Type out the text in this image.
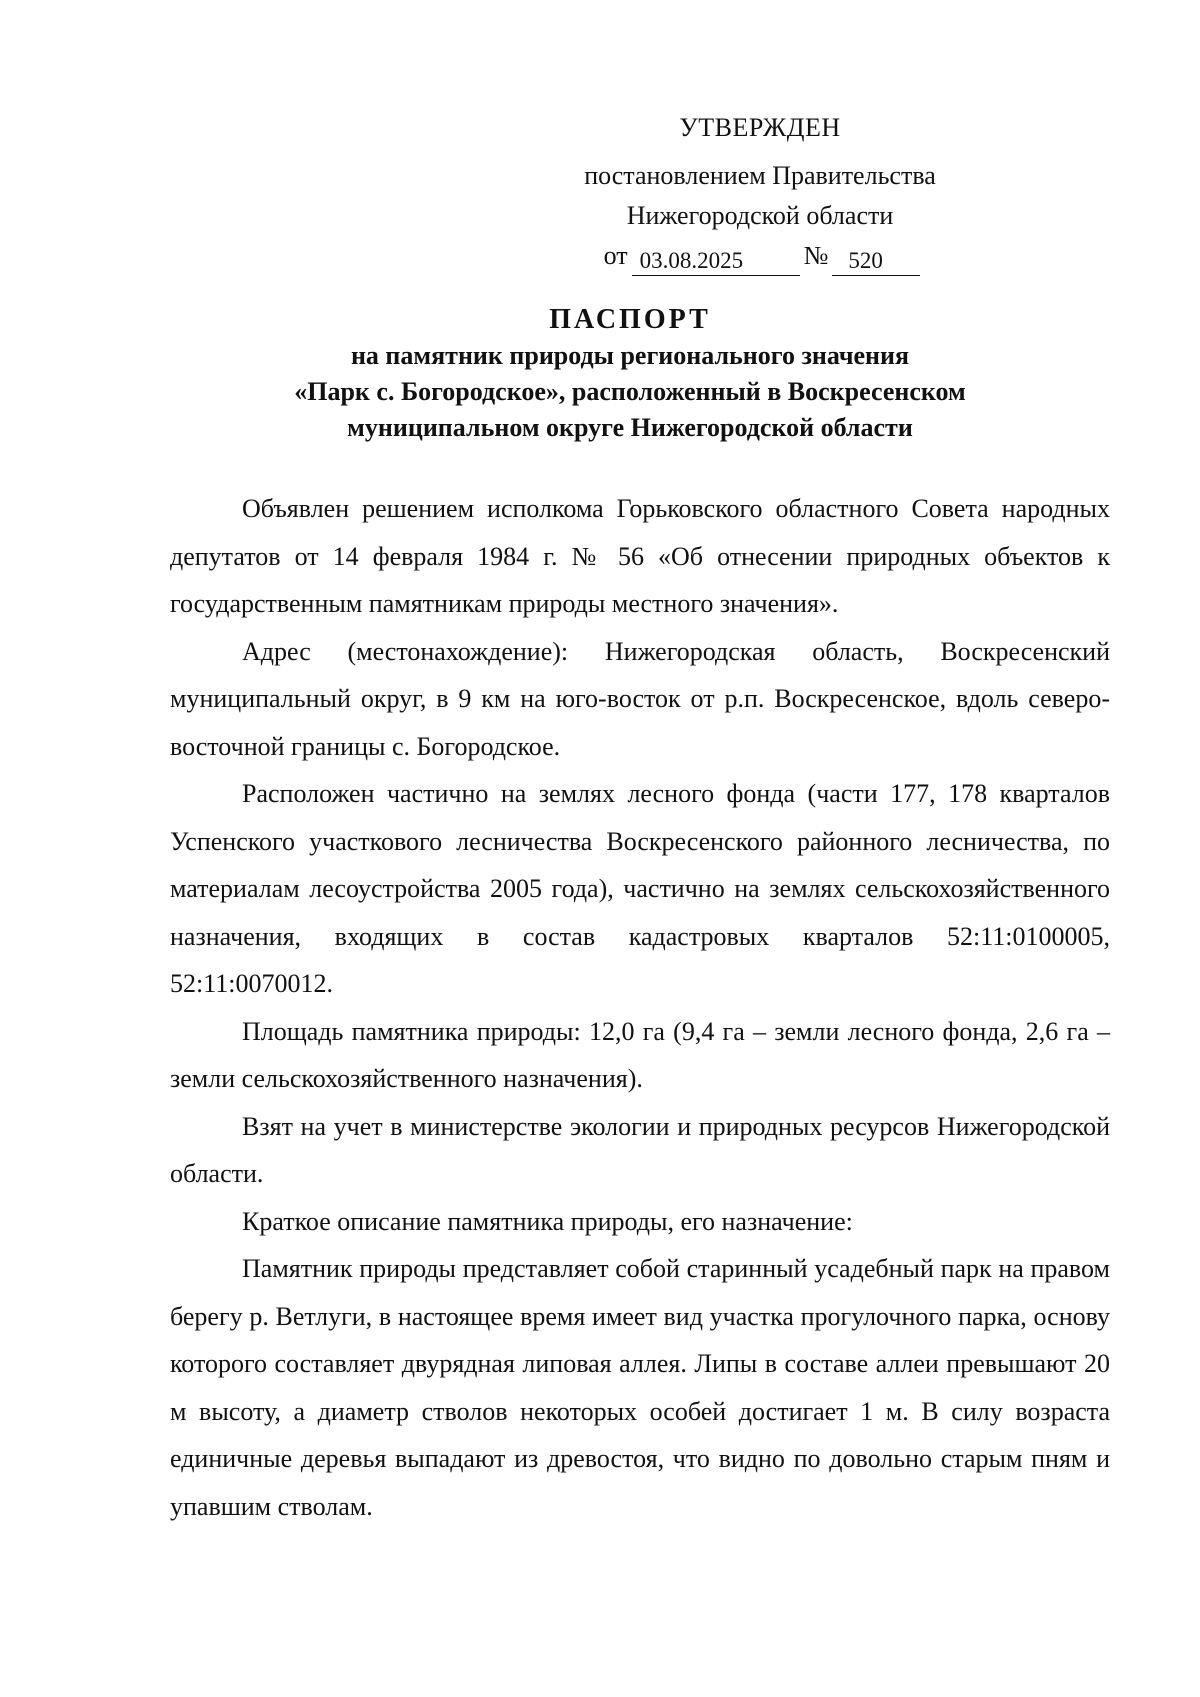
УТВЕРЖДЕН
постановлением Правительства
Нижегородской области
от 03.08.2025	№ 520
ПАСПОРТ
на памятник природы регионального значения
«Парк с. Богородское», расположенный в Воскресенском
муниципальном округе Нижегородской области

Объявлен решением исполкома Горьковского областного Совета народных депутатов от 14 февраля 1984 г. № 56 «Об отнесении природных объектов к государственным памятникам природы местного значения».

Адрес (местонахождение): Нижегородская область, Воскресенский муниципальный округ, в 9 км на юго-восток от р.п. Воскресенское, вдоль северо-восточной границы с. Богородское.

Расположен частично на землях лесного фонда (части 177, 178 кварталов Успенского участкового лесничества Воскресенского районного лесничества, по материалам лесоустройства 2005 года), частично на землях сельскохозяйственного назначения, входящих в состав кадастровых кварталов 52:11:0100005, 52:11:0070012.

Площадь памятника природы: 12,0 га (9,4 га – земли лесного фонда, 2,6 га – земли сельскохозяйственного назначения).

Взят на учет в министерстве экологии и природных ресурсов Нижегородской области.

Краткое описание памятника природы, его назначение:

Памятник природы представляет собой старинный усадебный парк на правом берегу р. Ветлуги, в настоящее время имеет вид участка прогулочного парка, основу которого составляет двурядная липовая аллея. Липы в составе аллеи превышают 20 м высоту, а диаметр стволов некоторых особей достигает 1 м. В силу возраста единичные деревья выпадают из древостоя, что видно по довольно старым пням и упавшим стволам.
